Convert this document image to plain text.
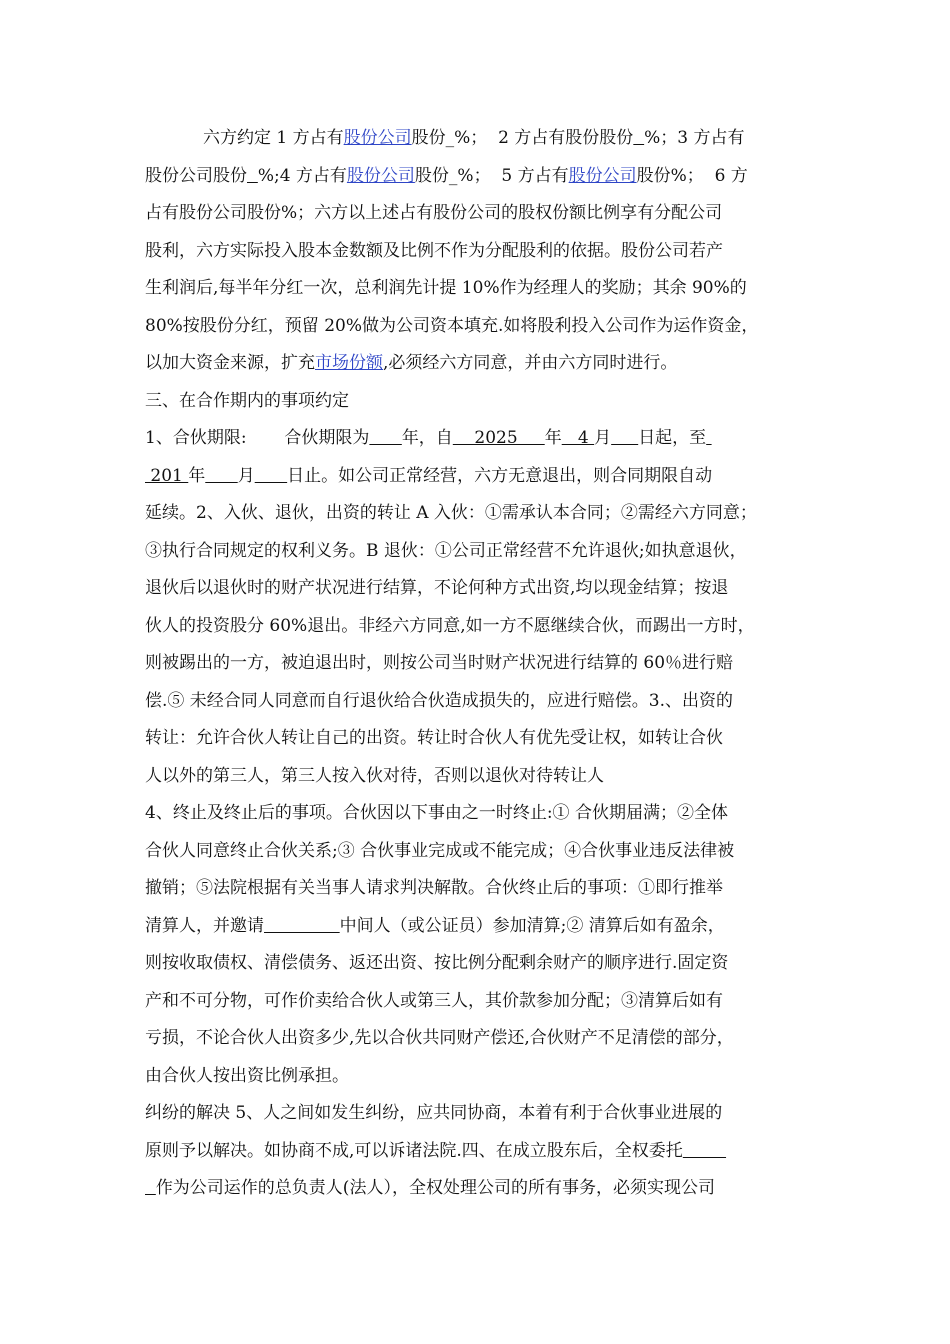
六方约定 1 方占有股份公司股份_%；  2 方占有股份股份 %；3 方占有
股份公司股份 %;4 方占有股份公司股份_%；  5 方占有股份公司股份%；  6 方
占有股份公司股份%；六方以上述占有股份公司的股权份额比例享有分配公司
股利，六方实际投入股本金数额及比例不作为分配股利的依据。股份公司若产
生利润后,每半年分红一次，总利润先计提 10%作为经理人的奖励；其余 90%的
80%按股份分红，预留 20%做为公司资本填充.如将股利投入公司作为运作资金，
以加大资金来源，扩充市场份额,必须经六方同意，并由六方同时进行。
三、在合作期内的事项约定
1、合伙期限:       合伙期限为 年，自    2025     年   4 月 日起，至
201 年 月 日止。如公司正常经营，六方无意退出，则合同期限自动
延续。2、入伙、退伙，出资的转让 A 入伙：①需承认本合同；②需经六方同意；
③执行合同规定的权利义务。B 退伙：①公司正常经营不允许退伙;如执意退伙，
退伙后以退伙时的财产状况进行结算，不论何种方式出资,均以现金结算；按退
伙人的投资股分 60%退出。非经六方同意,如一方不愿继续合伙，而踢出一方时，
则被踢出的一方，被迫退出时，则按公司当时财产状况进行结算的 60％进行赔
偿.⑤ 未经合同人同意而自行退伙给合伙造成损失的，应进行赔偿。3.、出资的
转让：允许合伙人转让自己的出资。转让时合伙人有优先受让权，如转让合伙
人以外的第三人，第三人按入伙对待，否则以退伙对待转让人
4、终止及终止后的事项。合伙因以下事由之一时终止:① 合伙期届满；②全体
合伙人同意终止合伙关系;③ 合伙事业完成或不能完成；④合伙事业违反法律被
撤销；⑤法院根据有关当事人请求判决解散。合伙终止后的事项：①即行推举
清算人，并邀请	中间人（或公证员）参加清算;② 清算后如有盈余，
则按收取债权、清偿债务、返还出资、按比例分配剩余财产的顺序进行.固定资
产和不可分物，可作价卖给合伙人或第三人，其价款参加分配；③清算后如有
亏损，不论合伙人出资多少,先以合伙共同财产偿还,合伙财产不足清偿的部分，
由合伙人按出资比例承担。
纠纷的解决 5、人之间如发生纠纷，应共同协商，本着有利于合伙事业进展的
原则予以解决。如协商不成,可以诉诸法院.四、在成立股东后，全权委托
作为公司运作的总负责人(法人），全权处理公司的所有事务，必须实现公司
